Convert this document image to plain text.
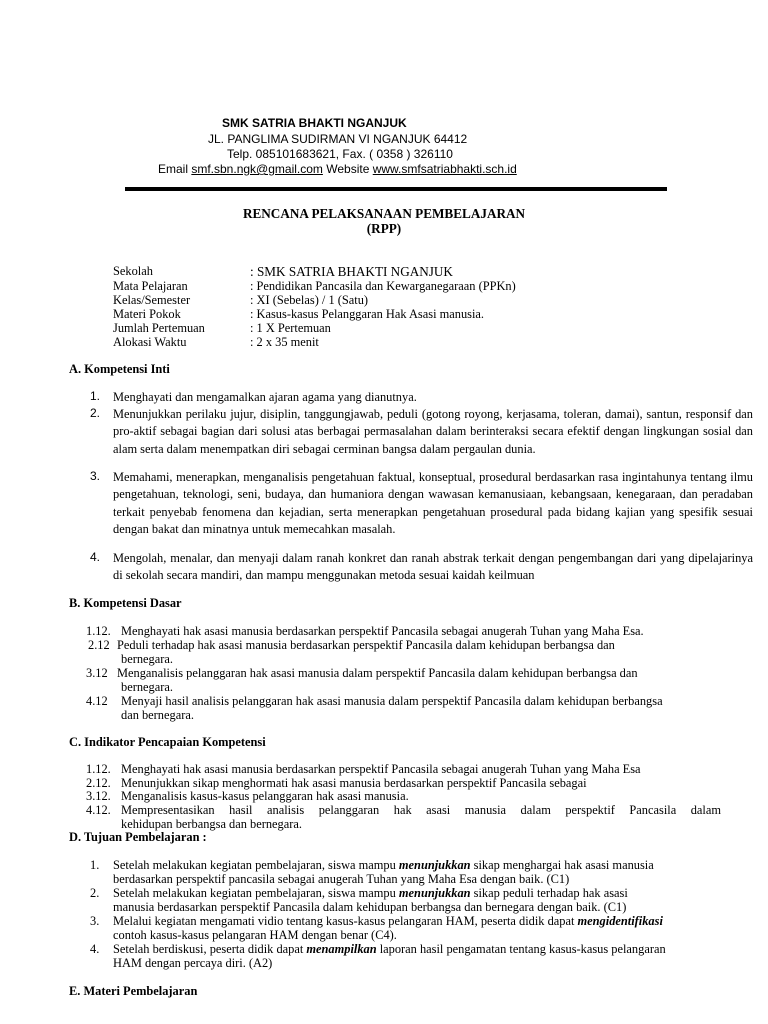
SMK SATRIA BHAKTI NGANJUK
JL. PANGLIMA SUDIRMAN VI NGANJUK 64412
Telp. 085101683621, Fax. ( 0358 ) 326110
Email smf.sbn.ngk@gmail.com Website www.smfsatriabhakti.sch.id
RENCANA PELAKSANAAN PEMBELAJARAN
(RPP)
Sekolah	: SMK SATRIA BHAKTI NGANJUK
Mata Pelajaran	: Pendidikan Pancasila dan Kewarganegaraan (PPKn)
Kelas/Semester	: XI (Sebelas) / 1 (Satu)
Materi Pokok	: Kasus-kasus Pelanggaran Hak Asasi manusia.
Jumlah Pertemuan	: 1 X Pertemuan
Alokasi Waktu	: 2 x 35 menit
A. Kompetensi Inti
1. Menghayati dan mengamalkan ajaran agama yang dianutnya.
2. Menunjukkan perilaku jujur, disiplin, tanggungjawab, peduli (gotong royong, kerjasama, toleran, damai), santun, responsif dan pro-aktif sebagai bagian dari solusi atas berbagai permasalahan dalam berinteraksi secara efektif dengan lingkungan sosial dan alam serta dalam menempatkan diri sebagai cerminan bangsa dalam pergaulan dunia.
3. Memahami, menerapkan, menganalisis pengetahuan faktual, konseptual, prosedural berdasarkan rasa ingintahunya tentang ilmu pengetahuan, teknologi, seni, budaya, dan humaniora dengan wawasan kemanusiaan, kebangsaan, kenegaraan, dan peradaban terkait penyebab fenomena dan kejadian, serta menerapkan pengetahuan prosedural pada bidang kajian yang spesifik sesuai dengan bakat dan minatnya untuk memecahkan masalah.
4. Mengolah, menalar, dan menyaji dalam ranah konkret dan ranah abstrak terkait dengan pengembangan dari yang dipelajarinya di sekolah secara mandiri, dan mampu menggunakan metoda sesuai kaidah keilmuan
B. Kompetensi Dasar
1.12. Menghayati hak asasi manusia berdasarkan perspektif Pancasila sebagai anugerah Tuhan yang Maha Esa.
2.12 Peduli terhadap hak asasi manusia berdasarkan perspektif Pancasila dalam kehidupan berbangsa dan
bernegara.
3.12 Menganalisis pelanggaran hak asasi manusia dalam perspektif Pancasila dalam kehidupan berbangsa dan
bernegara.
4.12 Menyaji hasil analisis pelanggaran hak asasi manusia dalam perspektif Pancasila dalam kehidupan berbangsa
dan bernegara.
C. Indikator Pencapaian Kompetensi
1.12. Menghayati hak asasi manusia berdasarkan perspektif Pancasila sebagai anugerah Tuhan yang Maha Esa
2.12. Menunjukkan sikap menghormati hak asasi manusia berdasarkan perspektif Pancasila sebagai
3.12. Menganalisis kasus-kasus pelanggaran hak asasi manusia.
4.12. Mempresentasikan hasil analisis pelanggaran hak asasi manusia dalam perspektif Pancasila dalam
kehidupan berbangsa dan bernegara.
D. Tujuan Pembelajaran :
1. Setelah melakukan kegiatan pembelajaran, siswa mampu menunjukkan sikap menghargai hak asasi manusia
berdasarkan perspektif pancasila sebagai anugerah Tuhan yang Maha Esa dengan baik. (C1)
2. Setelah melakukan kegiatan pembelajaran, siswa mampu menunjukkan sikap peduli terhadap hak asasi
manusia berdasarkan perspektif Pancasila dalam kehidupan berbangsa dan bernegara dengan baik. (C1)
3. Melalui kegiatan mengamati vidio tentang kasus-kasus pelangaran HAM, peserta didik dapat mengidentifikasi
contoh kasus-kasus pelangaran HAM dengan benar (C4).
4. Setelah berdiskusi, peserta didik dapat menampilkan laporan hasil pengamatan tentang kasus-kasus pelangaran
HAM dengan percaya diri. (A2)
E. Materi Pembelajaran
